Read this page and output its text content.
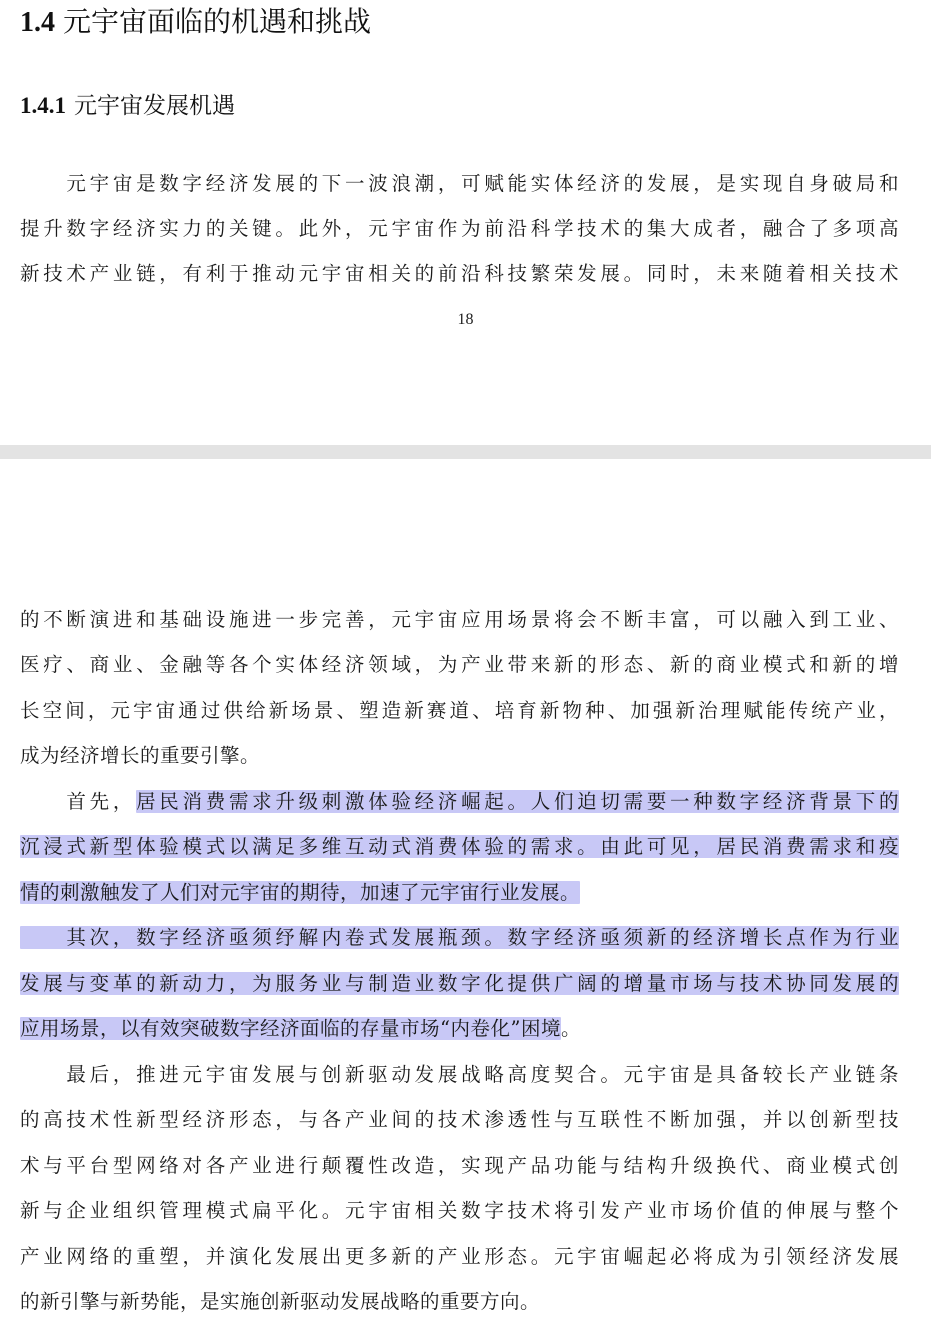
1.4 元宇宙面临的机遇和挑战
1.4.1 元宇宙发展机遇
　　元宇宙是数字经济发展的下一波浪潮，可赋能实体经济的发展，是实现自身破局和
提升数字经济实力的关键。此外，元宇宙作为前沿科学技术的集大成者，融合了多项高
新技术产业链，有利于推动元宇宙相关的前沿科技繁荣发展。同时，未来随着相关技术
18
的不断演进和基础设施进一步完善，元宇宙应用场景将会不断丰富，可以融入到工业、
医疗、商业、金融等各个实体经济领域，为产业带来新的形态、新的商业模式和新的增
长空间，元宇宙通过供给新场景、塑造新赛道、培育新物种、加强新治理赋能传统产业，
成为经济增长的重要引擎。
　　首先，居民消费需求升级刺激体验经济崛起。人们迫切需要一种数字经济背景下的
沉浸式新型体验模式以满足多维互动式消费体验的需求。由此可见，居民消费需求和疫
情的刺激触发了人们对元宇宙的期待，加速了元宇宙行业发展。
　　其次，数字经济亟须纾解内卷式发展瓶颈。数字经济亟须新的经济增长点作为行业
发展与变革的新动力，为服务业与制造业数字化提供广阔的增量市场与技术协同发展的
应用场景，以有效突破数字经济面临的存量市场“内卷化”困境。
　　最后，推进元宇宙发展与创新驱动发展战略高度契合。元宇宙是具备较长产业链条
的高技术性新型经济形态，与各产业间的技术渗透性与互联性不断加强，并以创新型技
术与平台型网络对各产业进行颠覆性改造，实现产品功能与结构升级换代、商业模式创
新与企业组织管理模式扁平化。元宇宙相关数字技术将引发产业市场价值的伸展与整个
产业网络的重塑，并演化发展出更多新的产业形态。元宇宙崛起必将成为引领经济发展
的新引擎与新势能，是实施创新驱动发展战略的重要方向。
